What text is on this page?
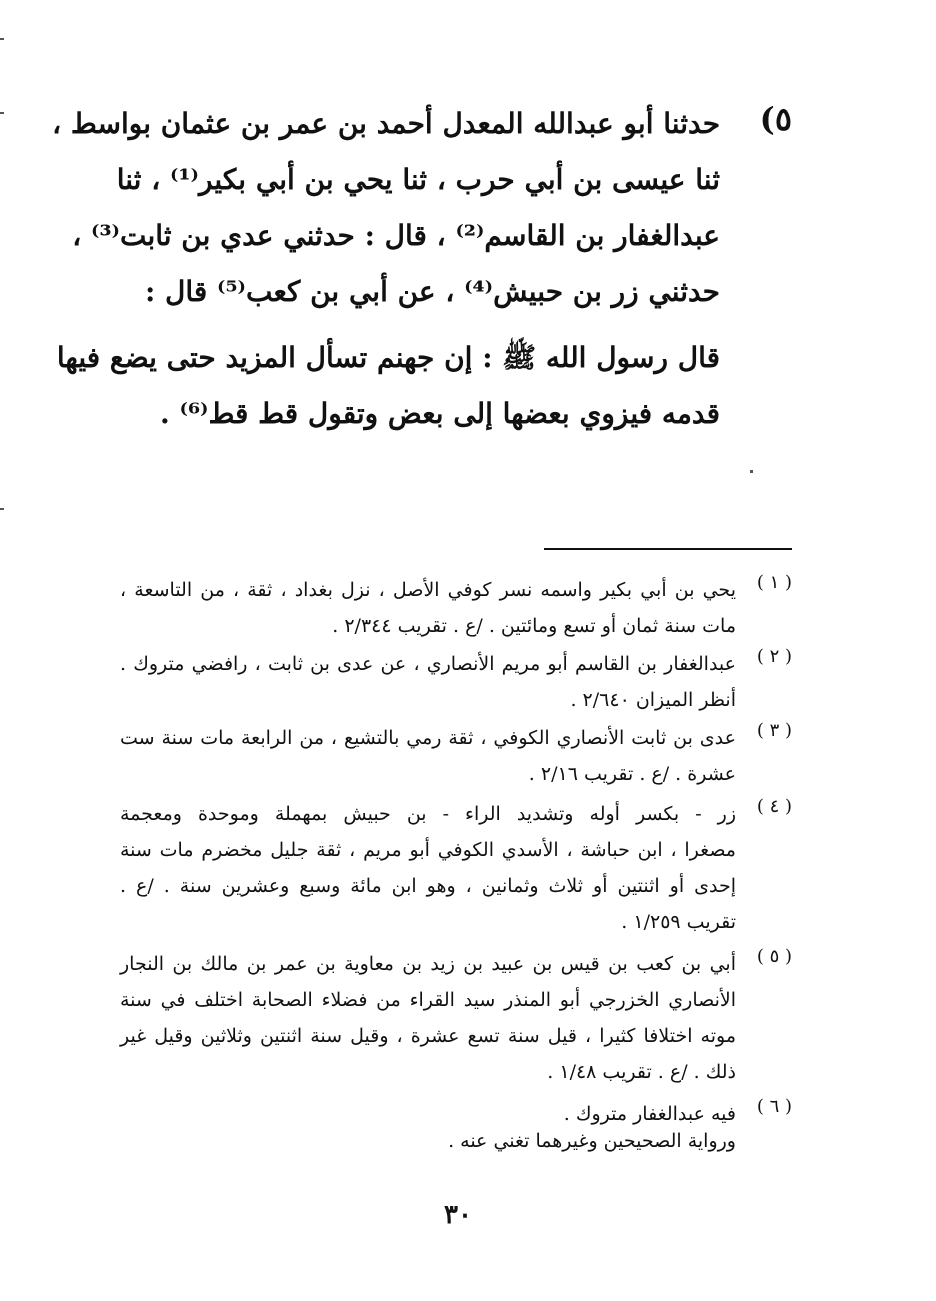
٥)
حدثنا أبو عبدالله المعدل أحمد بن عمر بن عثمان بواسط ،
ثنا عيسى بن أبي حرب ، ثنا يحي بن أبي بكير⁽¹⁾ ، ثنا
عبدالغفار بن القاسم⁽²⁾ ، قال : حدثني عدي بن ثابت⁽³⁾ ،
حدثني زر بن حبيش⁽⁴⁾ ، عن أبي بن كعب⁽⁵⁾ قال :
قال رسول الله ﷺ : إن جهنم تسأل المزيد حتى يضع فيها
قدمه فيزوي بعضها إلى بعض وتقول قط قط⁽⁶⁾ .
( ١ )
يحي بن أبي بكير واسمه نسر كوفي الأصل ، نزل بغداد ، ثقة ، من التاسعة ،
مات سنة ثمان أو تسع ومائتين . /ع . تقريب ٢/٣٤٤ .
( ٢ )
عبدالغفار بن القاسم أبو مريم الأنصاري ، عن عدى بن ثابت ، رافضي متروك .
أنظر الميزان ٢/٦٤٠ .
( ٣ )
عدى بن ثابت الأنصاري الكوفي ، ثقة رمي بالتشيع ، من الرابعة مات سنة ست
عشرة . /ع . تقريب ٢/١٦ .
( ٤ )
زر - بكسر أوله وتشديد الراء - بن حبيش بمهملة وموحدة ومعجمة
مصغرا ، ابن حباشة ، الأسدي الكوفي أبو مريم ، ثقة جليل مخضرم مات سنة
إحدى أو اثنتين أو ثلاث وثمانين ، وهو ابن مائة وسبع وعشرين سنة . /ع .
تقريب ١/٢٥٩ .
( ٥ )
أبي بن كعب بن قيس بن عبيد بن زيد بن معاوية بن عمر بن مالك بن النجار
الأنصاري الخزرجي أبو المنذر سيد القراء من فضلاء الصحابة اختلف في سنة
موته اختلافا كثيرا ، قيل سنة تسع عشرة ، وقيل سنة اثنتين وثلاثين وقيل غير
ذلك . /ع . تقريب ١/٤٨ .
( ٦ )
فيه عبدالغفار متروك .
ورواية الصحيحين وغيرهما تغني عنه .
٣٠
